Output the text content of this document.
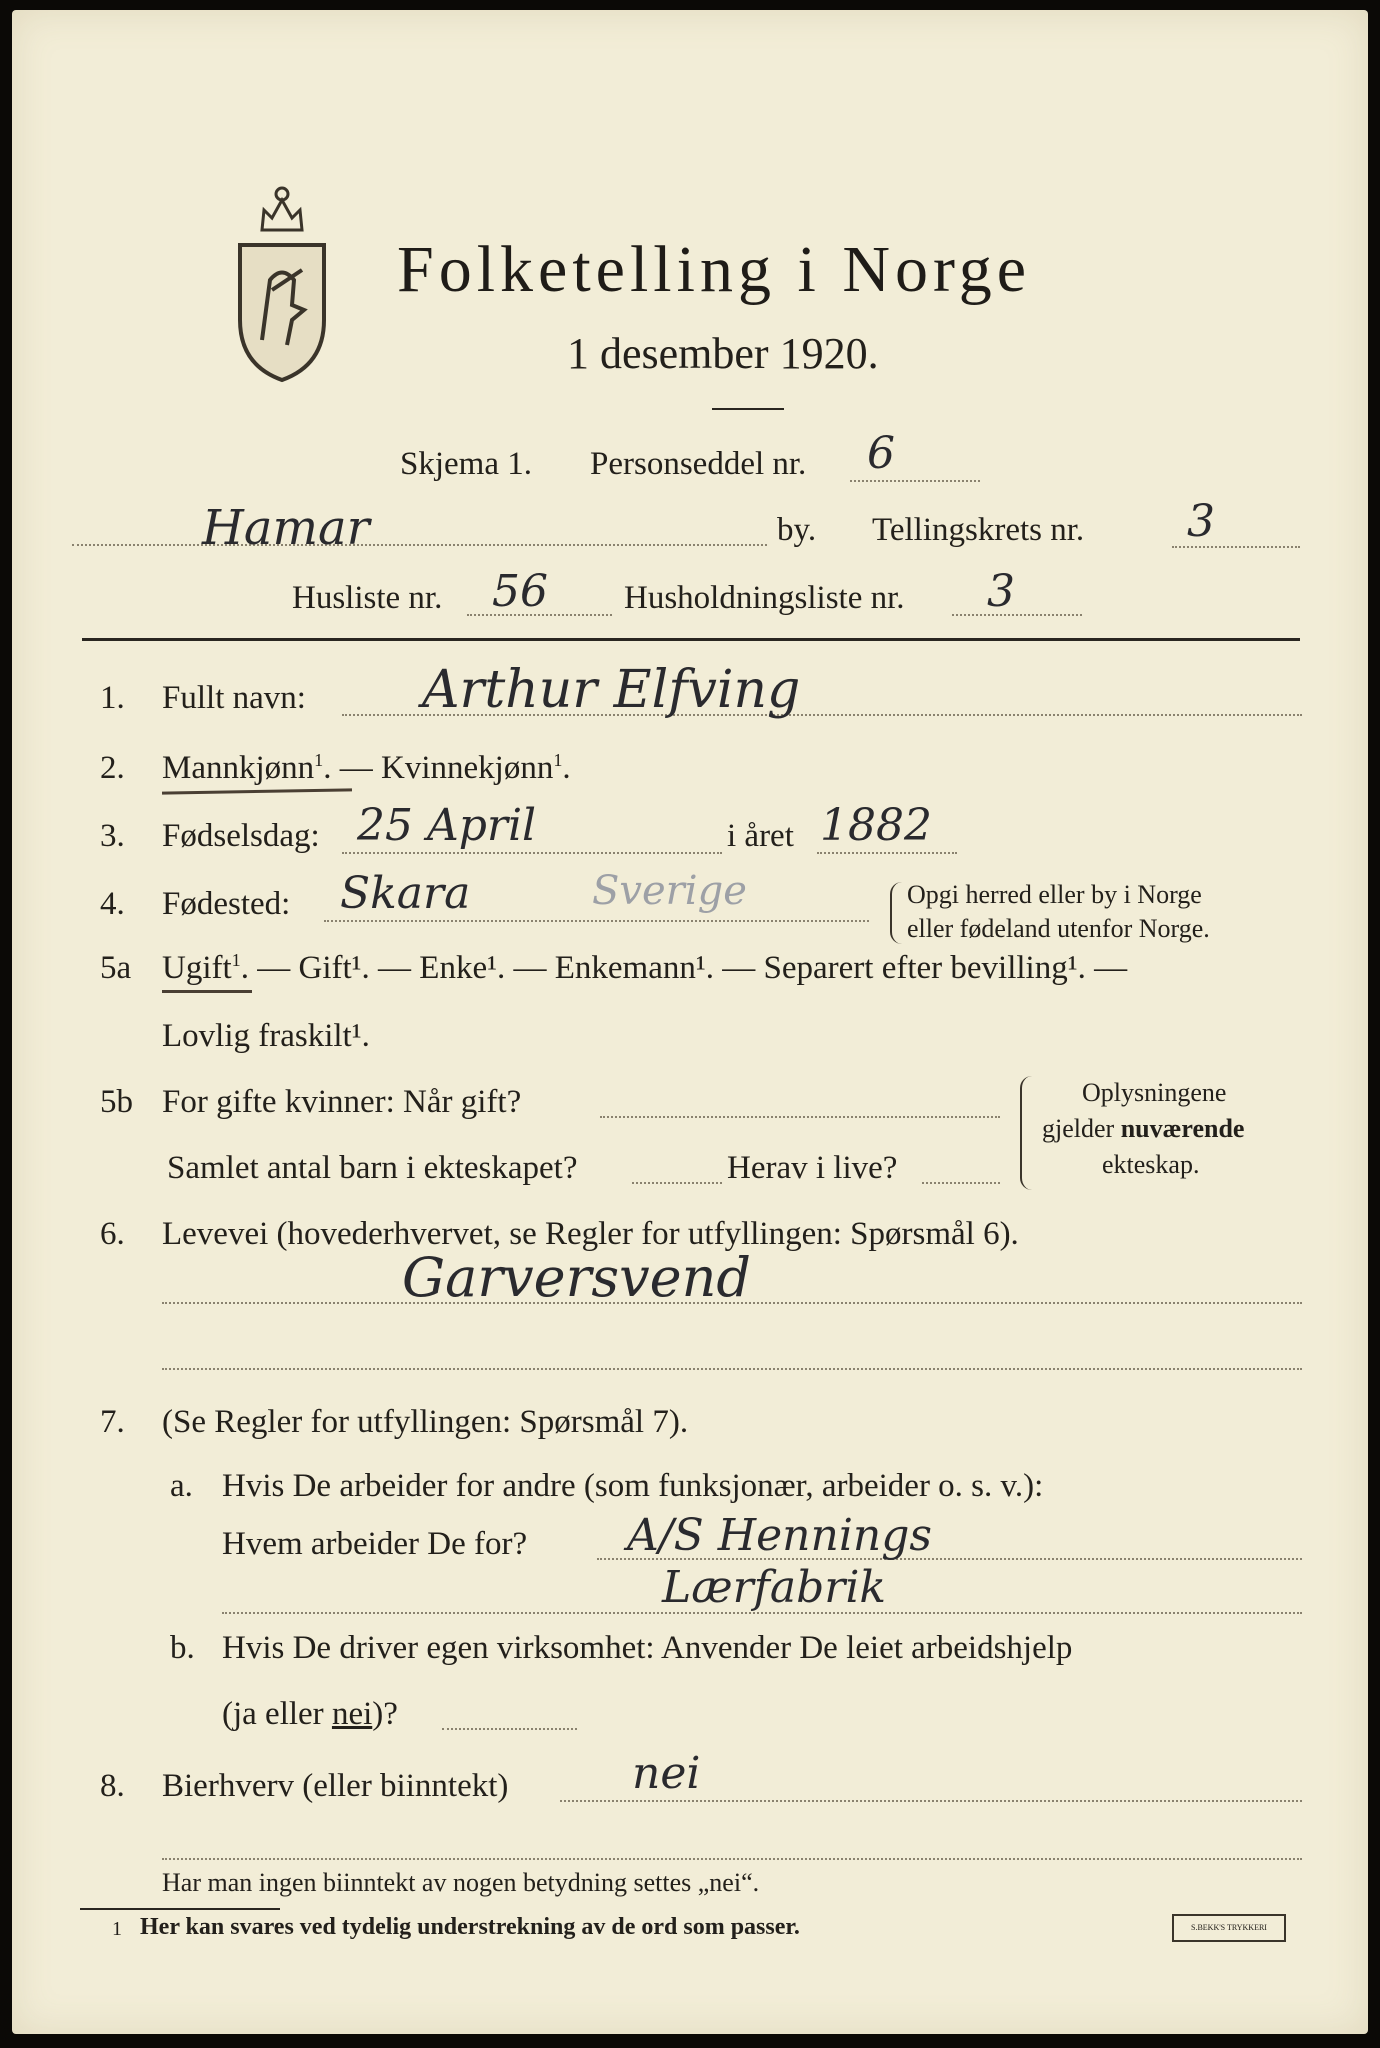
Folketelling i Norge
1 desember 1920.
Skjema 1. Personseddel nr. 6
Hamar	by. Tellingskrets nr. 3
Husliste nr. 56 Husholdningsliste nr. 3
1. Fullt navn: Arthur Elfving
2. Mannkjønn$^1$. — Kvinnekjønn$^1$.
3. Fødselsdag: 25 April	i året 1882
4. Fødested: Skara	Sverige	Opgi herred eller by i Norge
eller fødeland utenfor Norge.
5a Ugift$^1$. — Gift¹. — Enke¹. — Enkemann¹. — Separert efter bevilling¹. —
Lovlig fraskilt¹.
5b For gifte kvinner: Når gift?
Samlet antal barn i ekteskapet?	Herav i live?
Oplysningene
gjelder nuværende
ekteskap.
6. Levevei (hovederhvervet, se Regler for utfyllingen: Spørsmål 6).
Garversvend
7. (Se Regler for utfyllingen: Spørsmål 7).
a. Hvis De arbeider for andre (som funksjonær, arbeider o. s. v.):
Hvem arbeider De for? A/S Hennings
Lærfabrik
b. Hvis De driver egen virksomhet: Anvender De leiet arbeidshjelp
(ja eller nei)?
8. Bierhverv (eller biinntekt)	nei
Har man ingen biinntekt av nogen betydning settes „nei“.
1 Her kan svares ved tydelig understrekning av de ord som passer.	S.BEKK'S TRYKKERI
